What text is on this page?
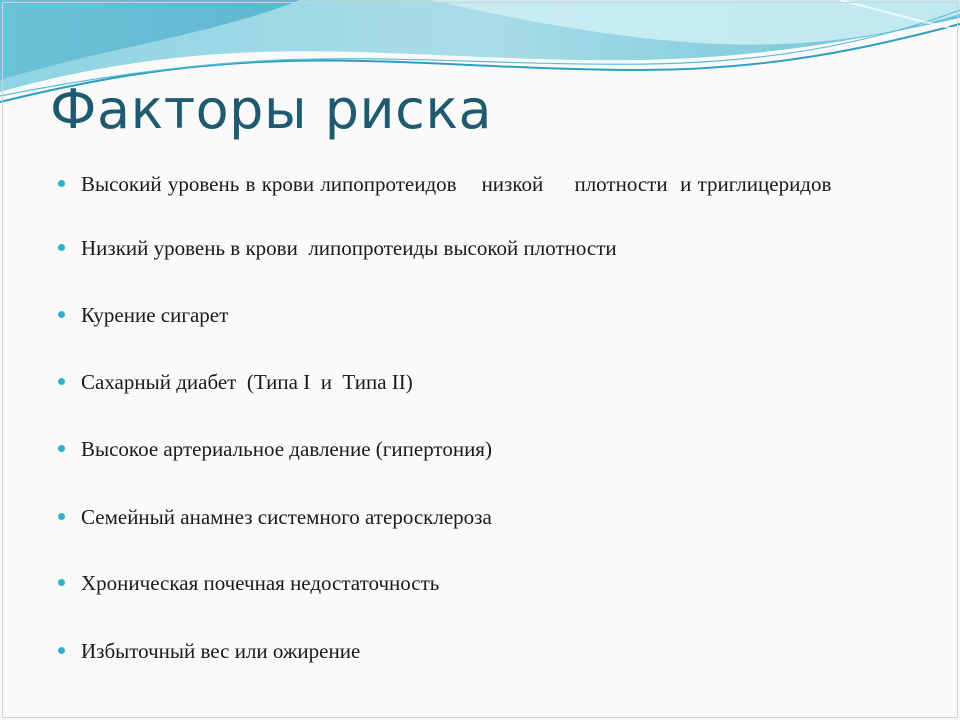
Факторы риска
Высокий уровень в крови липопротеидов    низкой     плотности  и триглицеридов
Низкий уровень в крови  липопротеиды высокой плотности
Курение сигарет
Сахарный диабет  (Типа I  и  Типа II)
Высокое артериальное давление (гипертония)
Семейный анамнез системного атеросклероза
Хроническая почечная недостаточность
Избыточный вес или ожирение
